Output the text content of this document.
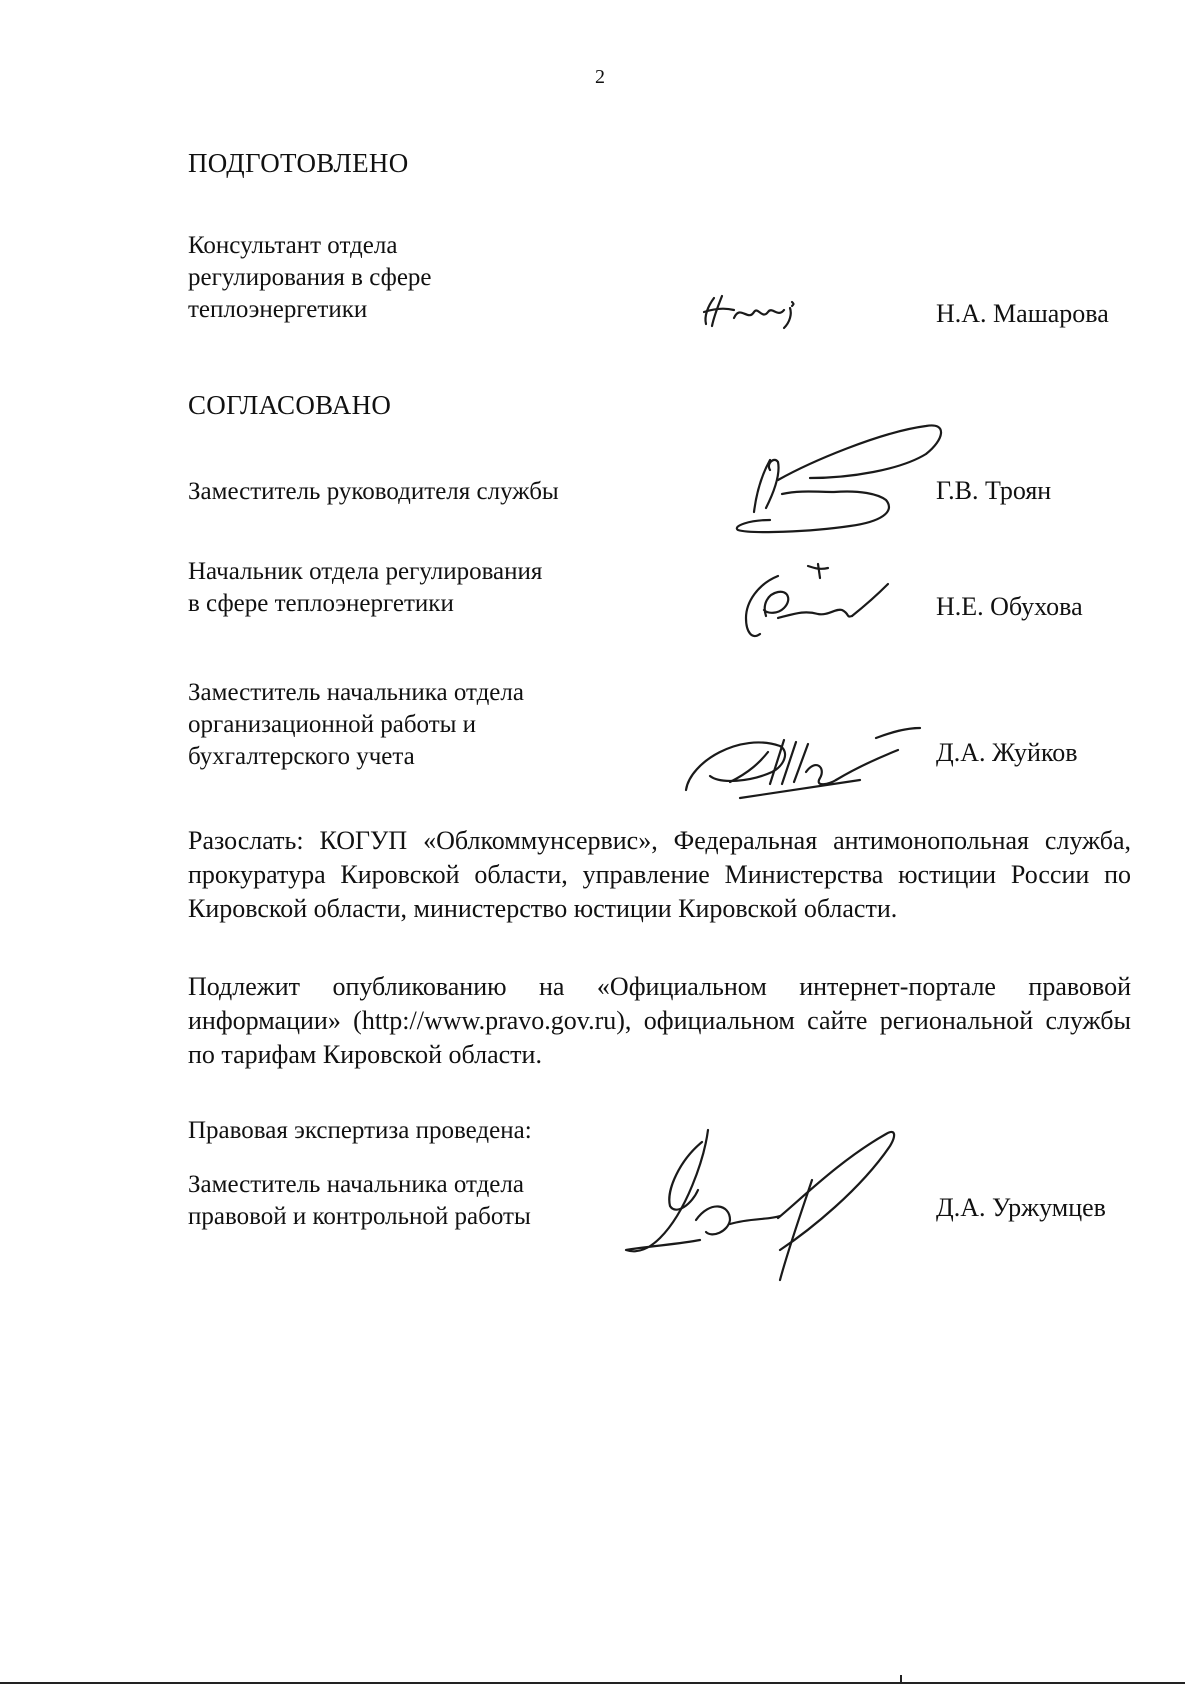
2
ПОДГОТОВЛЕНО
Консультант отдела
регулирования в сфере
теплоэнергетики	Н.А. Машарова
СОГЛАСОВАНО
Заместитель руководителя службы	Г.В. Троян
Начальник отдела регулирования
в сфере теплоэнергетики	Н.Е. Обухова
Заместитель начальника отдела
организационной работы и
бухгалтерского учета	Д.А. Жуйков
Разослать: КОГУП «Облкоммунсервис», Федеральная антимонопольная служба, прокуратура Кировской области, управление Министерства юстиции России по Кировской области, министерство юстиции Кировской области.
Подлежит опубликованию на «Официальном интернет-портале правовой информации» (http://www.pravo.gov.ru), официальном сайте региональной службы по тарифам Кировской области.
Правовая экспертиза проведена:
Заместитель начальника отдела
правовой и контрольной работы	Д.А. Уржумцев
